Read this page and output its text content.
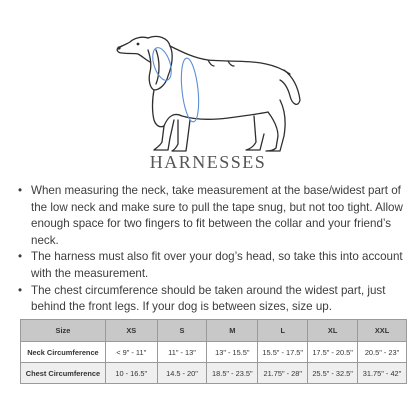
HARNESSES
• When measuring the neck, take measurement at the base/widest part of the low neck and make sure to pull the tape snug, but not too tight. Allow enough space for two fingers to fit between the collar and your friend’s neck.
• The harness must also fit over your dog’s head, so take this into account with the measurement.
• The chest circumference should be taken around the widest part, just behind the front legs. If your dog is between sizes, size up.
Size	XS	S	M	L	XL	XXL
Neck Circumference	< 9" - 11"	11" - 13"	13" - 15.5"	15.5" - 17.5"	17.5" - 20.5"	20.5" - 23"
Chest Circumference	10 - 16.5"	14.5 - 20"	18.5" - 23.5"	21.75" - 28"	25.5" - 32.5"	31.75" - 42"
